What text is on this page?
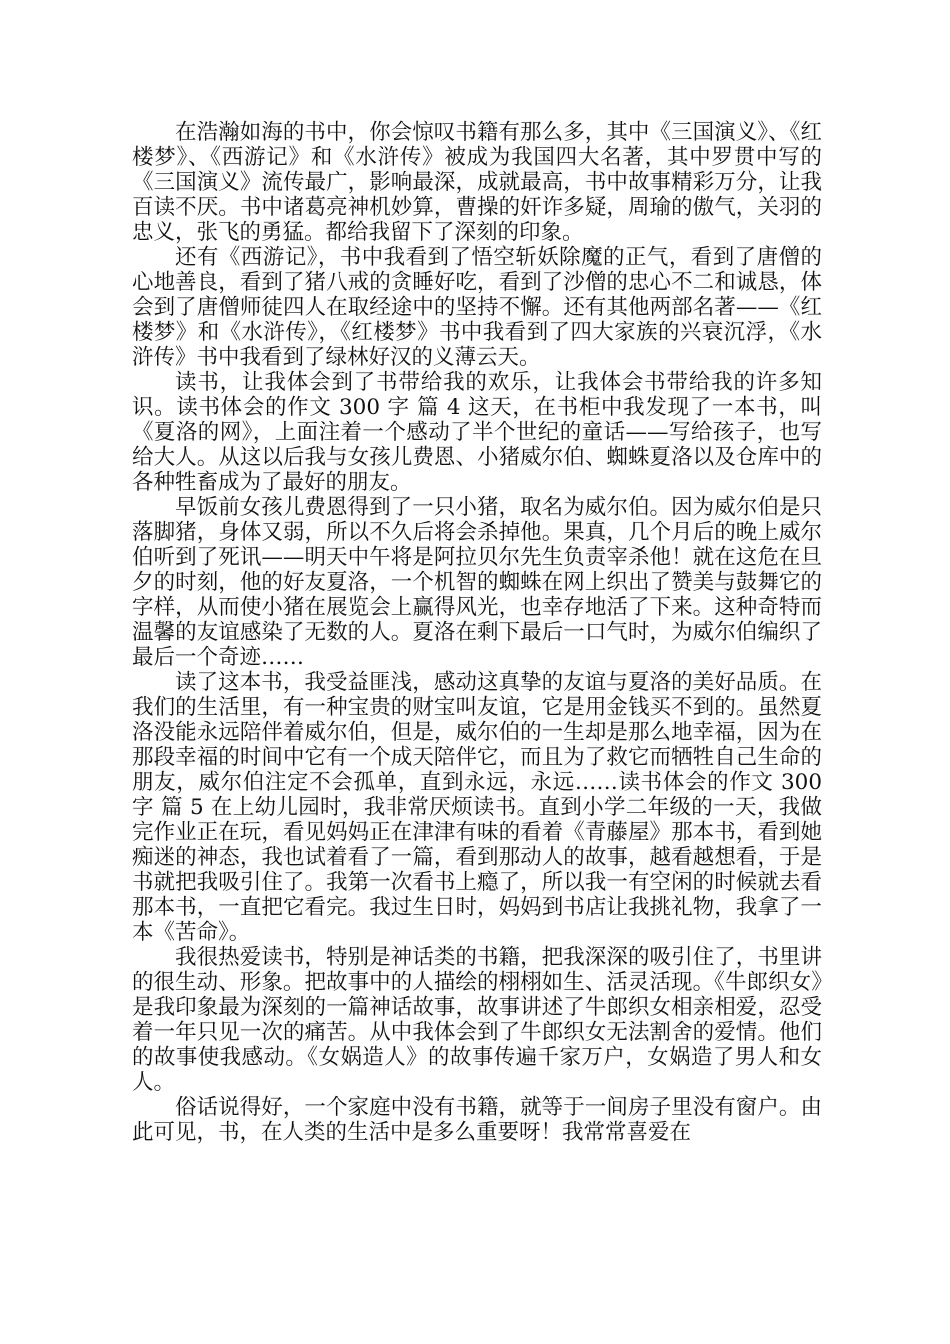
在浩瀚如海的书中，你会惊叹书籍有那么多，其中《三国演义》、《红楼梦》、《西游记》和《水浒传》被成为我国四大名著，其中罗贯中写的《三国演义》流传最广，影响最深，成就最高，书中故事精彩万分，让我百读不厌。书中诸葛亮神机妙算，曹操的奸诈多疑，周瑜的傲气，关羽的忠义，张飞的勇猛。都给我留下了深刻的印象。

还有《西游记》，书中我看到了悟空斩妖除魔的正气，看到了唐僧的心地善良，看到了猪八戒的贪睡好吃，看到了沙僧的忠心不二和诚恳，体会到了唐僧师徒四人在取经途中的坚持不懈。还有其他两部名著——《红楼梦》和《水浒传》，《红楼梦》书中我看到了四大家族的兴衰沉浮，《水浒传》书中我看到了绿林好汉的义薄云天。

读书，让我体会到了书带给我的欢乐，让我体会书带给我的许多知识。读书体会的作文 300 字 篇 4 这天，在书柜中我发现了一本书，叫《夏洛的网》，上面注着一个感动了半个世纪的童话——写给孩子，也写给大人。从这以后我与女孩儿费恩、小猪威尔伯、蜘蛛夏洛以及仓库中的各种牲畜成为了最好的朋友。

早饭前女孩儿费恩得到了一只小猪，取名为威尔伯。因为威尔伯是只落脚猪，身体又弱，所以不久后将会杀掉他。果真，几个月后的晚上威尔伯听到了死讯——明天中午将是阿拉贝尔先生负责宰杀他！就在这危在旦夕的时刻，他的好友夏洛，一个机智的蜘蛛在网上织出了赞美与鼓舞它的字样，从而使小猪在展览会上赢得风光，也幸存地活了下来。这种奇特而温馨的友谊感染了无数的人。夏洛在剩下最后一口气时，为威尔伯编织了最后一个奇迹……

读了这本书，我受益匪浅，感动这真挚的友谊与夏洛的美好品质。在我们的生活里，有一种宝贵的财宝叫友谊，它是用金钱买不到的。虽然夏洛没能永远陪伴着威尔伯，但是，威尔伯的一生却是那么地幸福，因为在那段幸福的时间中它有一个成天陪伴它，而且为了救它而牺牲自己生命的朋友，威尔伯注定不会孤单，直到永远，永远……读书体会的作文 300 字 篇 5 在上幼儿园时，我非常厌烦读书。直到小学二年级的一天，我做完作业正在玩，看见妈妈正在津津有味的看着《青藤屋》那本书，看到她痴迷的神态，我也试着看了一篇，看到那动人的故事，越看越想看，于是书就把我吸引住了。我第一次看书上瘾了，所以我一有空闲的时候就去看那本书，一直把它看完。我过生日时，妈妈到书店让我挑礼物，我拿了一本《苦命》。

我很热爱读书，特别是神话类的书籍，把我深深的吸引住了，书里讲的很生动、形象。把故事中的人描绘的栩栩如生、活灵活现。《牛郎织女》是我印象最为深刻的一篇神话故事，故事讲述了牛郎织女相亲相爱，忍受着一年只见一次的痛苦。从中我体会到了牛郎织女无法割舍的爱情。他们的故事使我感动。《女娲造人》的故事传遍千家万户，女娲造了男人和女人。

俗话说得好，一个家庭中没有书籍，就等于一间房子里没有窗户。由此可见，书，在人类的生活中是多么重要呀！我常常喜爱在
